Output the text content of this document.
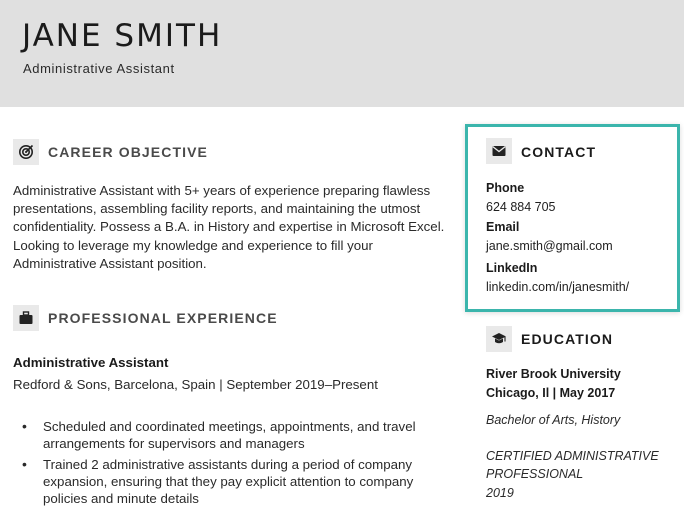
JANE SMITH
Administrative Assistant
CAREER OBJECTIVE
Administrative Assistant with 5+ years of experience preparing flawless presentations, assembling facility reports, and maintaining the utmost confidentiality. Possess a B.A. in History and expertise in Microsoft Excel. Looking to leverage my knowledge and experience to fill your Administrative Assistant position.
PROFESSIONAL EXPERIENCE
Administrative Assistant
Redford & Sons, Barcelona, Spain | September 2019–Present
• Scheduled and coordinated meetings, appointments, and travel arrangements for supervisors and managers
• Trained 2 administrative assistants during a period of company expansion, ensuring that they pay explicit attention to company policies and minute details
CONTACT
Phone
624 884 705
Email
jane.smith@gmail.com
LinkedIn
linkedin.com/in/janesmith/
EDUCATION
River Brook University
Chicago, Il | May 2017
Bachelor of Arts, History
CERTIFIED ADMINISTRATIVE
PROFESSIONAL
2019
